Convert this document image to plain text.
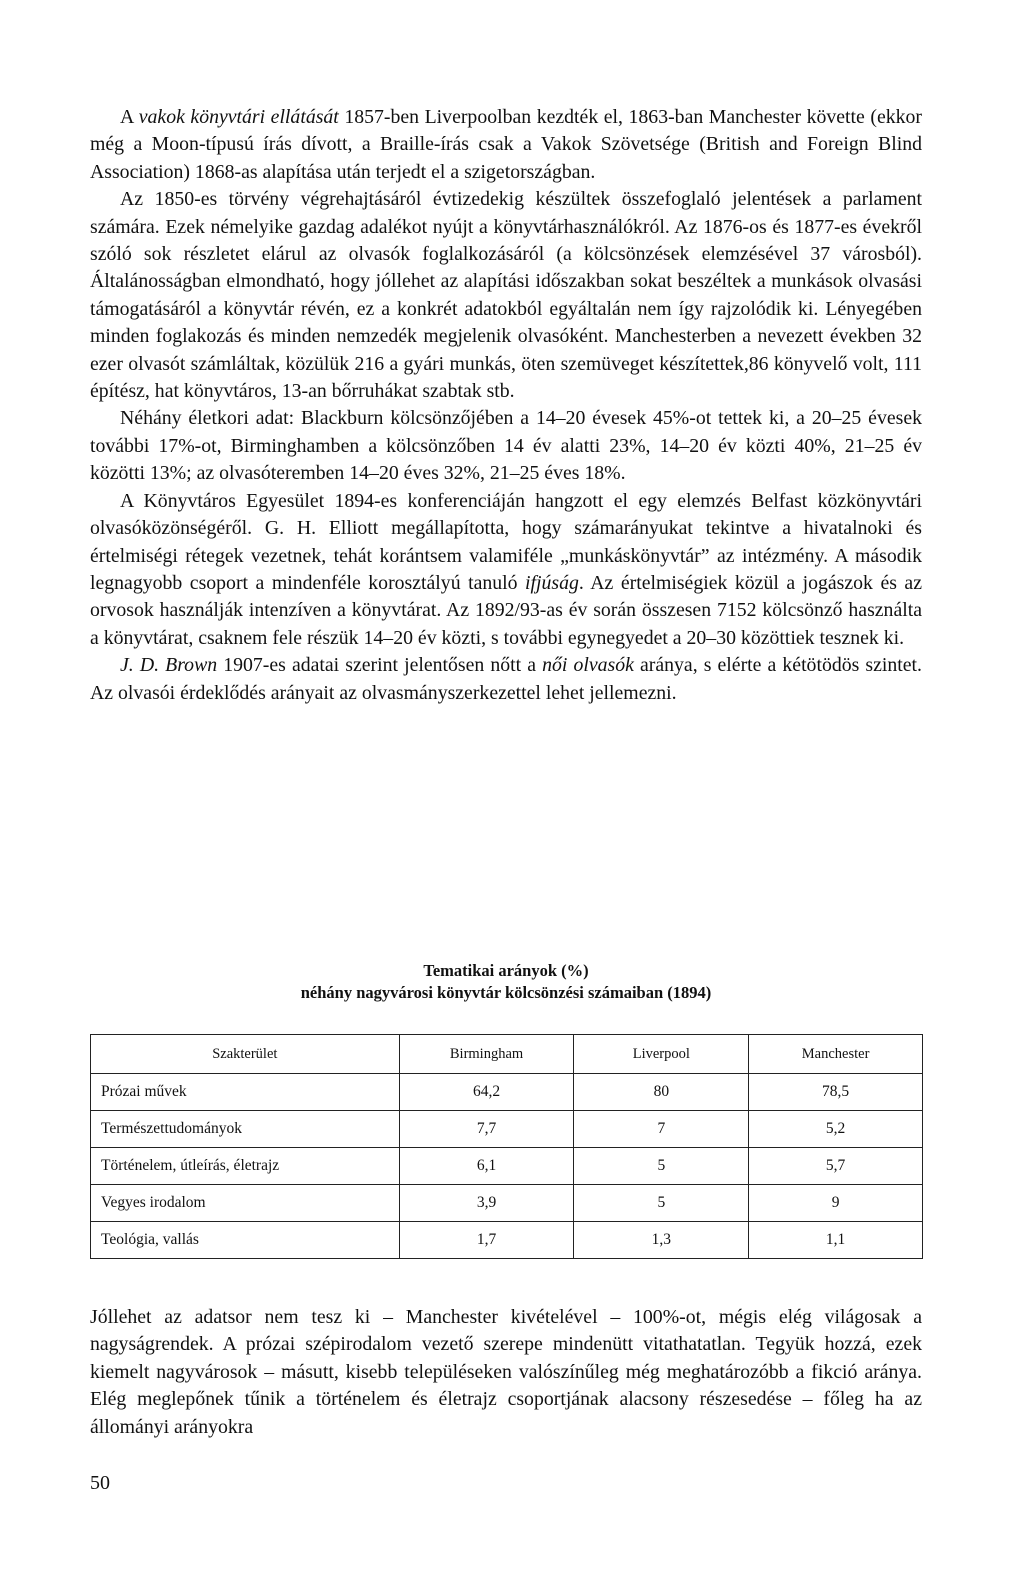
A vakok könyvtári ellátását 1857-ben Liverpoolban kezdték el, 1863-ban Manchester követte (ekkor még a Moon-típusú írás dívott, a Braille-írás csak a Vakok Szövetsége (British and Foreign Blind Association) 1868-as alapítása után terjedt el a szigetországban.

Az 1850-es törvény végrehajtásáról évtizedekig készültek összefoglaló jelentések a parlament számára. Ezek némelyike gazdag adalékot nyújt a könyvtárhasználókról. Az 1876-os és 1877-es évekről szóló sok részletet elárul az olvasók foglalkozásáról (a kölcsönzések elemzésével 37 városból). Általánosságban elmondható, hogy jóllehet az alapítási időszakban sokat beszéltek a munkások olvasási támogatásáról a könyvtár révén, ez a konkrét adatokból egyáltalán nem így rajzolódik ki. Lényegében minden foglakozás és minden nemzedék megjelenik olvasóként. Manchesterben a nevezett években 32 ezer olvasót számláltak, közülük 216 a gyári munkás, öten szemüveget készítettek,86 könyvelő volt, 111 építész, hat könyvtáros, 13-an bőrruhákat szabtak stb.

Néhány életkori adat: Blackburn kölcsönzőjében a 14–20 évesek 45%-ot tettek ki, a 20–25 évesek további 17%-ot, Birminghamben a kölcsönzőben 14 év alatti 23%, 14–20 év közti 40%, 21–25 év közötti 13%; az olvasóteremben 14–20 éves 32%, 21–25 éves 18%.

A Könyvtáros Egyesület 1894-es konferenciáján hangzott el egy elemzés Belfast közkönyvtári olvasóközönségéről. G. H. Elliott megállapította, hogy számarányukat tekintve a hivatalnoki és értelmiségi rétegek vezetnek, tehát korántsem valamiféle „munkáskönyvtár” az intézmény. A második legnagyobb csoport a mindenféle korosztályú tanuló ifjúság. Az értelmiségiek közül a jogászok és az orvosok használják intenzíven a könyvtárat. Az 1892/93-as év során összesen 7152 kölcsönző használta a könyvtárat, csaknem fele részük 14–20 év közti, s további egynegyedet a 20–30 közöttiek tesznek ki.

J. D. Brown 1907-es adatai szerint jelentősen nőtt a női olvasók aránya, s elérte a kétötödös szintet. Az olvasói érdeklődés arányait az olvasmányszerkezettel lehet jellemezni.

Tematikai arányok (%)
néhány nagyvárosi könyvtár kölcsönzési számaiban (1894)
Szakterület	Birmingham	Liverpool	Manchester
Prózai művek	64,2	80	78,5
Természettudományok	7,7	7	5,2
Történelem, útleírás, életrajz	6,1	5	5,7
Vegyes irodalom	3,9	5	9
Teológia, vallás	1,7	1,3	1,1

Jóllehet az adatsor nem tesz ki – Manchester kivételével – 100%-ot, mégis elég világosak a nagyságrendek. A prózai szépirodalom vezető szerepe mindenütt vitathatatlan. Tegyük hozzá, ezek kiemelt nagyvárosok – másutt, kisebb településeken valószínűleg még meghatározóbb a fikció aránya. Elég meglepőnek tűnik a történelem és életrajz csoportjának alacsony részesedése – főleg ha az állományi arányokra

50
